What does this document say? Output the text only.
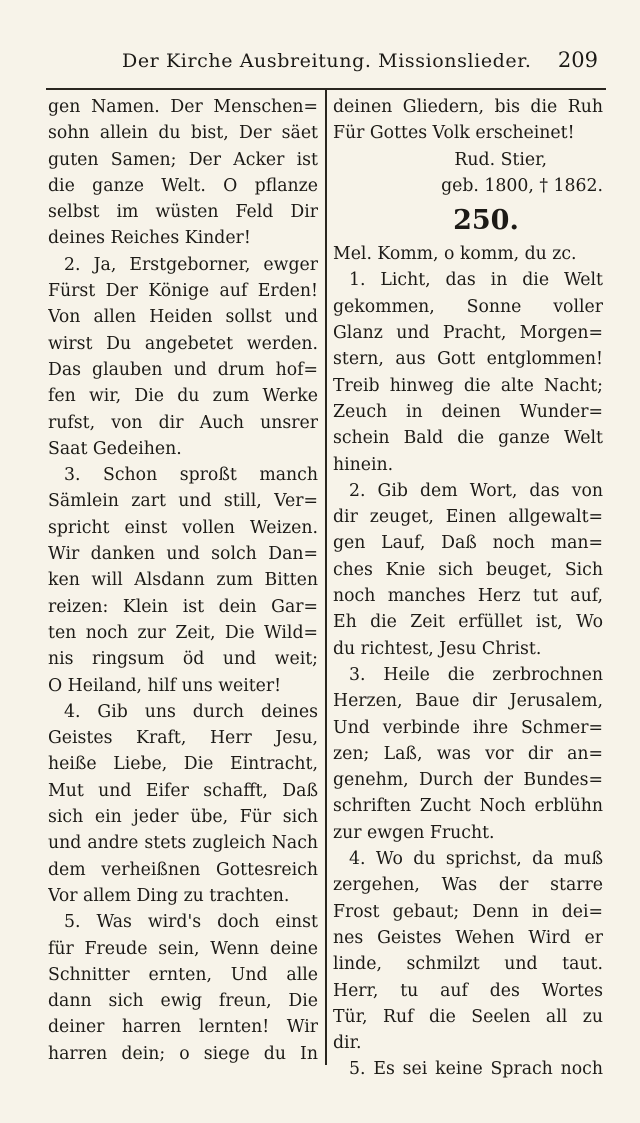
Der Kirche Ausbreitung. Missionslieder. 209
gen Namen. Der Menschen=
sohn allein du bist, Der säet
guten Samen; Der Acker ist
die ganze Welt. O pflanze
selbst im wüsten Feld Dir
deines Reiches Kinder!
2. Ja, Erstgeborner, ewger
Fürst Der Könige auf Erden!
Von allen Heiden sollst und
wirst Du angebetet werden.
Das glauben und drum hof=
fen wir, Die du zum Werke
rufst, von dir Auch unsrer
Saat Gedeihen.
3. Schon sproßt manch
Sämlein zart und still, Ver=
spricht einst vollen Weizen.
Wir danken und solch Dan=
ken will Alsdann zum Bitten
reizen: Klein ist dein Gar=
ten noch zur Zeit, Die Wild=
nis ringsum öd und weit;
O Heiland, hilf uns weiter!
4. Gib uns durch deines
Geistes Kraft, Herr Jesu,
heiße Liebe, Die Eintracht,
Mut und Eifer schafft, Daß
sich ein jeder übe, Für sich
und andre stets zugleich Nach
dem verheißnen Gottesreich
Vor allem Ding zu trachten.
5. Was wird's doch einst
für Freude sein, Wenn deine
Schnitter ernten, Und alle
dann sich ewig freun, Die
deiner harren lernten! Wir
harren dein; o siege du In
deinen Gliedern, bis die Ruh
Für Gottes Volk erscheinet!
Rud. Stier,
geb. 1800, † 1862.
250.
Mel. Komm, o komm, du zc.
1. Licht, das in die Welt
gekommen, Sonne voller
Glanz und Pracht, Morgen=
stern, aus Gott entglommen!
Treib hinweg die alte Nacht;
Zeuch in deinen Wunder=
schein Bald die ganze Welt
hinein.
2. Gib dem Wort, das von
dir zeuget, Einen allgewalt=
gen Lauf, Daß noch man=
ches Knie sich beuget, Sich
noch manches Herz tut auf,
Eh die Zeit erfüllet ist, Wo
du richtest, Jesu Christ.
3. Heile die zerbrochnen
Herzen, Baue dir Jerusalem,
Und verbinde ihre Schmer=
zen; Laß, was vor dir an=
genehm, Durch der Bundes=
schriften Zucht Noch erblühn
zur ewgen Frucht.
4. Wo du sprichst, da muß
zergehen, Was der starre
Frost gebaut; Denn in dei=
nes Geistes Wehen Wird er
linde, schmilzt und taut.
Herr, tu auf des Wortes
Tür, Ruf die Seelen all zu
dir.
5. Es sei keine Sprach noch
